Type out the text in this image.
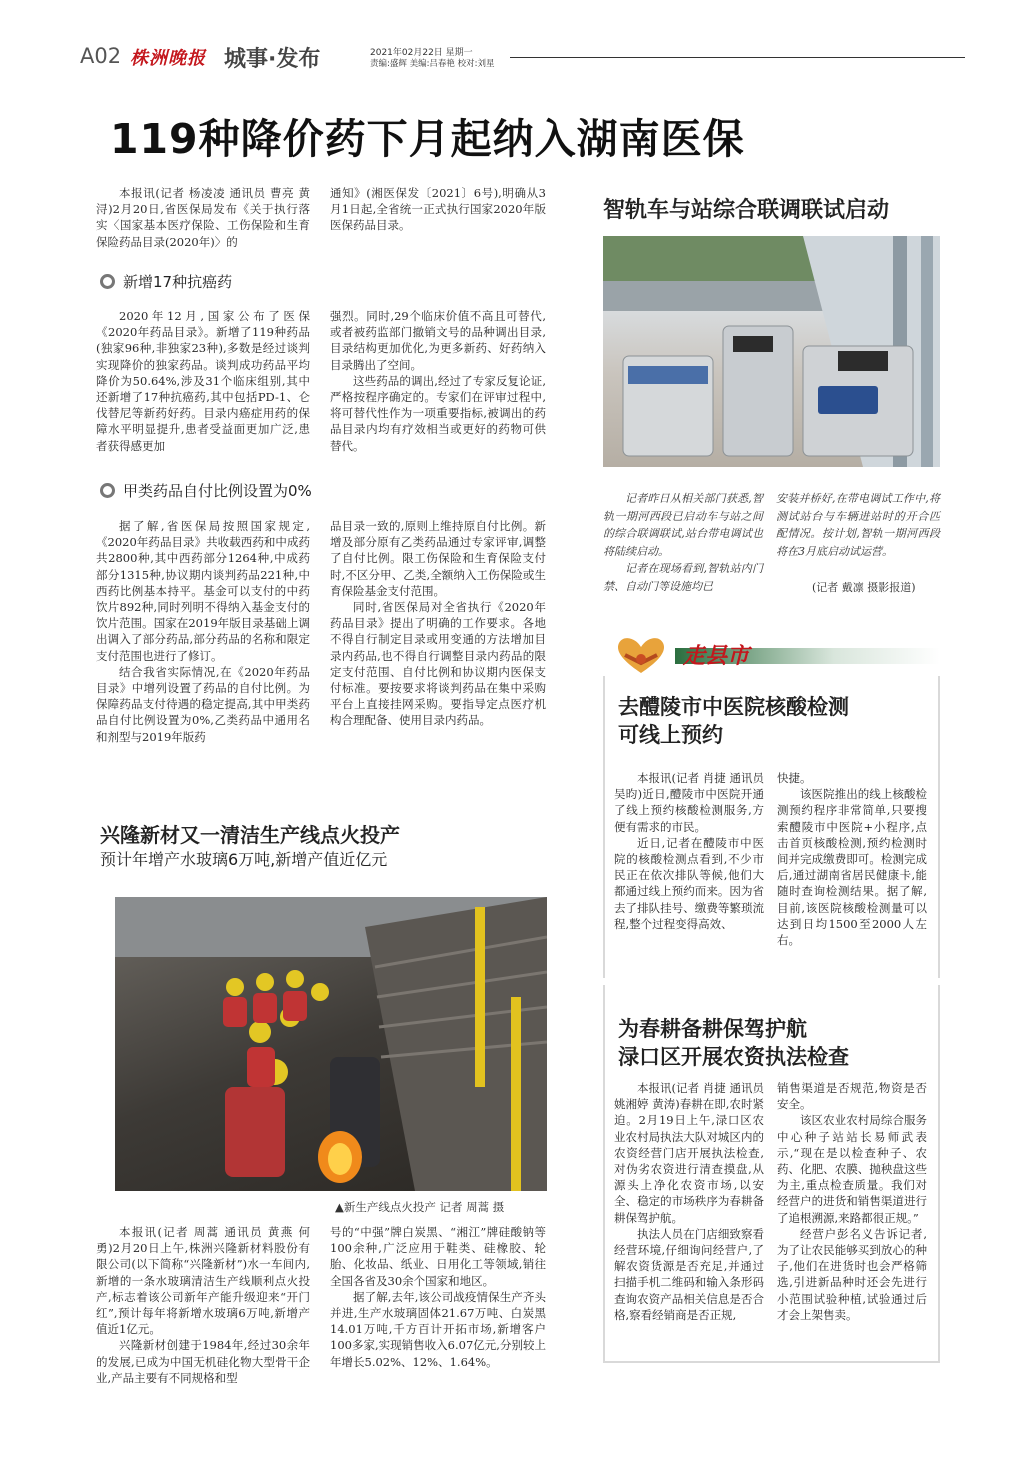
A02 株洲晚报 城事·发布	2021年02月22日 星期一
责编:盛辉 美编:吕春艳 校对:刘星
119种降价药下月起纳入湖南医保

本报讯(记者 杨凌凌 通讯员 曹亮 黄浔)2月20日,省医保局发布《关于执行落实〈国家基本医疗保险、工伤保险和生育保险药品目录(2020年)〉的

通知》(湘医保发〔2021〕6号),明确从3月1日起,全省统一正式执行国家2020年版医保药品目录。

新增17种抗癌药

2020年12月,国家公布了医保《2020年药品目录》。新增了119种药品(独家96种,非独家23种),多数是经过谈判实现降价的独家药品。谈判成功药品平均降价为50.64%,涉及31个临床组别,其中还新增了17种抗癌药,其中包括PD-1、仑伐替尼等新药好药。目录内癌症用药的保障水平明显提升,患者受益面更加广泛,患者获得感更加

强烈。同时,29个临床价值不高且可替代,或者被药监部门撤销文号的品种调出目录,目录结构更加优化,为更多新药、好药纳入目录腾出了空间。

这些药品的调出,经过了专家反复论证,严格按程序确定的。专家们在评审过程中,将可替代性作为一项重要指标,被调出的药品目录内均有疗效相当或更好的药物可供替代。

甲类药品自付比例设置为0%

据了解,省医保局按照国家规定,《2020年药品目录》共收载西药和中成药共2800种,其中西药部分1264种,中成药部分1315种,协议期内谈判药品221种,中西药比例基本持平。基金可以支付的中药饮片892种,同时列明不得纳入基金支付的饮片范围。国家在2019年版目录基础上调出调入了部分药品,部分药品的名称和限定支付范围也进行了修订。

结合我省实际情况,在《2020年药品目录》中增列设置了药品的自付比例。为保障药品支付待遇的稳定提高,其中甲类药品自付比例设置为0%,乙类药品中通用名和剂型与2019年版药

品目录一致的,原则上维持原自付比例。新增及部分原有乙类药品通过专家评审,调整了自付比例。限工伤保险和生育保险支付时,不区分甲、乙类,全额纳入工伤保险或生育保险基金支付范围。

同时,省医保局对全省执行《2020年药品目录》提出了明确的工作要求。各地不得自行制定目录或用变通的方法增加目录内药品,也不得自行调整目录内药品的限定支付范围、自付比例和协议期内医保支付标准。要按要求将谈判药品在集中采购平台上直接挂网采购。要指导定点医疗机构合理配备、使用目录内药品。

智轨车与站综合联调联试启动

记者昨日从相关部门获悉,智轨一期河西段已启动车与站之间的综合联调联试,站台带电调试也将陆续启动。

记者在现场看到,智轨站内门禁、自动门等设施均已

安装并桥好,在带电调试工作中,将测试站台与车辆进站时的开合匹配情况。按计划,智轨一期河西段将在3月底启动试运营。

(记者 戴凛 摄影报道)
走县市
去醴陵市中医院核酸检测
可线上预约

本报讯(记者 肖捷 通讯员 吴昀)近日,醴陵市中医院开通了线上预约核酸检测服务,方便有需求的市民。

近日,记者在醴陵市中医院的核酸检测点看到,不少市民正在依次排队等候,他们大都通过线上预约而来。因为省去了排队挂号、缴费等繁琐流程,整个过程变得高效、

快捷。

该医院推出的线上核酸检测预约程序非常简单,只要搜索醴陵市中医院+小程序,点击首页核酸检测,预约检测时间并完成缴费即可。检测完成后,通过湖南省居民健康卡,能随时查询检测结果。据了解,目前,该医院核酸检测量可以达到日均1500至2000人左右。

为春耕备耕保驾护航
渌口区开展农资执法检查

本报讯(记者 肖捷 通讯员 姚湘婷 黄涛)春耕在即,农时紧迫。2月19日上午,渌口区农业农村局执法大队对城区内的农资经营门店开展执法检查,对伪劣农资进行清查摸盘,从源头上净化农资市场,以安全、稳定的市场秩序为春耕备耕保驾护航。

执法人员在门店细致察看经营环境,仔细询问经营户,了解农资货源是否充足,并通过扫描手机二维码和输入条形码查询农资产品相关信息是否合格,察看经销商是否正规,

销售渠道是否规范,物资是否安全。

该区农业农村局综合服务中心种子站站长易师武表示,“现在是以检查种子、农药、化肥、农膜、抛秧盘这些为主,重点检查质量。我们对经营户的进货和销售渠道进行了追根溯源,来路都很正规。”

经营户彭名义告诉记者,为了让农民能够买到放心的种子,他们在进货时也会严格筛选,引进新品种时还会先进行小范围试验种植,试验通过后才会上架售卖。

兴隆新材又一清洁生产线点火投产
预计年增产水玻璃6万吨,新增产值近亿元
▲新生产线点火投产 记者 周蒿 摄

本报讯(记者 周蒿 通讯员 黄燕 何勇)2月20日上午,株洲兴隆新材料股份有限公司(以下简称“兴隆新材”)水一车间内,新增的一条水玻璃清洁生产线顺利点火投产,标志着该公司新年产能升级迎来“开门红”,预计每年将新增水玻璃6万吨,新增产值近1亿元。

兴隆新材创建于1984年,经过30余年的发展,已成为中国无机硅化物大型骨干企业,产品主要有不同规格和型

号的“中强”牌白炭黑、“湘江”牌硅酸钠等100余种,广泛应用于鞋类、硅橡胶、轮胎、化妆品、纸业、日用化工等领域,销往全国各省及30余个国家和地区。

据了解,去年,该公司战疫情保生产齐头并进,生产水玻璃固体21.67万吨、白炭黑14.01万吨,千方百计开拓市场,新增客户100多家,实现销售收入6.07亿元,分别较上年增长5.02%、12%、1.64%。
